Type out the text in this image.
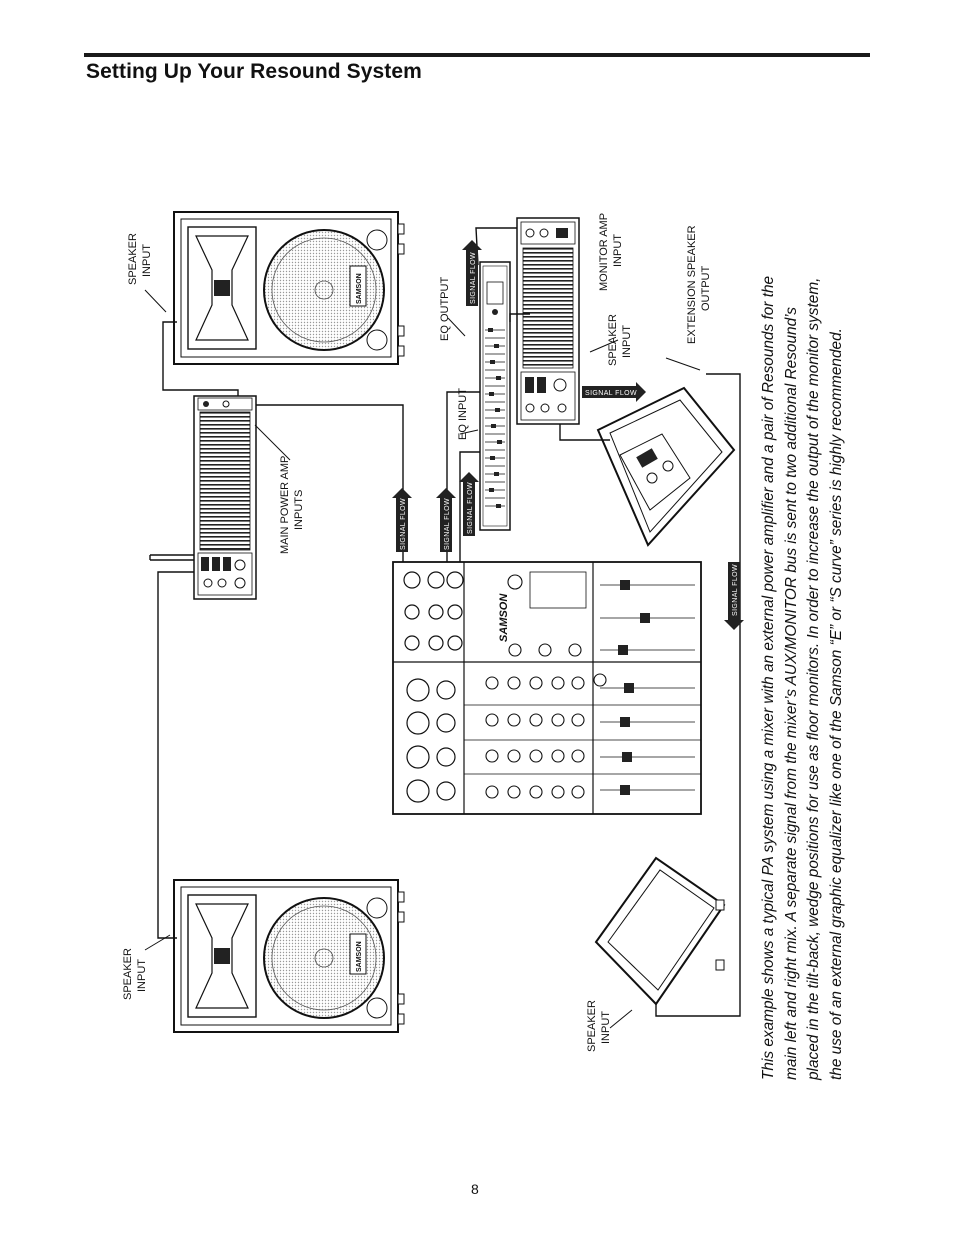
Setting Up Your Resound System
SAMSON
SIGNAL FLOW	SIGNAL FLOW SIGNAL FLOW
SIGNAL FLOW
SIGNAL FLOW
SIGNAL FLOW
SPEAKER INPUT
SPEAKER INPUT
MAIN POWER AMP INPUTS
EQ INPUT
EQ OUTPUT
MONITOR AMP INPUT
SPEAKER INPUT	EXTENSION SPEAKER OUTPUT
SPEAKER INPUT
SAMSON
SAMSON	This example shows a typical PA system using a mixer with an external power amplifier and a pair of Resounds for the main left and right mix. A separate signal from the mixer’s AUX/MONITOR bus is sent to two additional Resound’s placed in the tilt-back, wedge positions for use as floor monitors. In order to increase the output of the monitor system, the use of an external graphic equalizer like one of the Samson “E” or “S curve” series is highly recommended.
8
